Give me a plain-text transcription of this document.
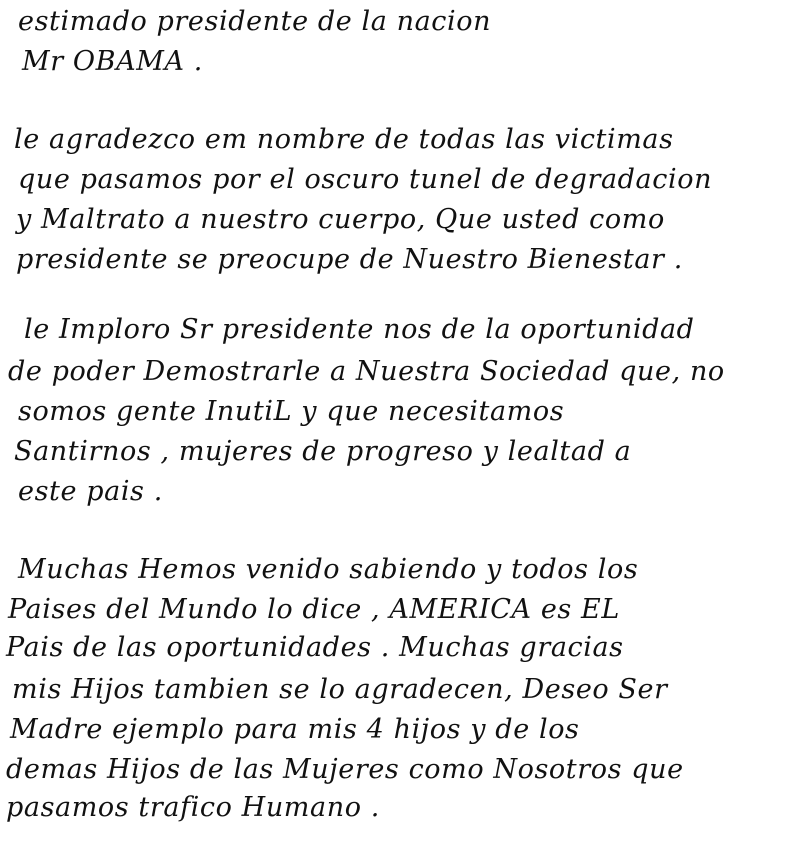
estimado presidente de la nacion
Mr OBAMA .
le agradezco em nombre de todas las victimas
que pasamos por el oscuro tunel de degradacion
y Maltrato a nuestro cuerpo, Que usted como
presidente se preocupe de Nuestro Bienestar .
le Imploro Sr presidente nos de la oportunidad
de poder Demostrarle a Nuestra Sociedad que, no
somos gente InutiL y que necesitamos
Santirnos , mujeres de progreso y lealtad a
este pais .
Muchas Hemos venido sabiendo y todos los
Paises del Mundo lo dice , AMERICA es EL
Pais de las oportunidades . Muchas gracias
mis Hijos tambien se lo agradecen, Deseo Ser
Madre ejemplo para mis 4 hijos y de los
demas Hijos de las Mujeres como Nosotros que
pasamos trafico Humano .
